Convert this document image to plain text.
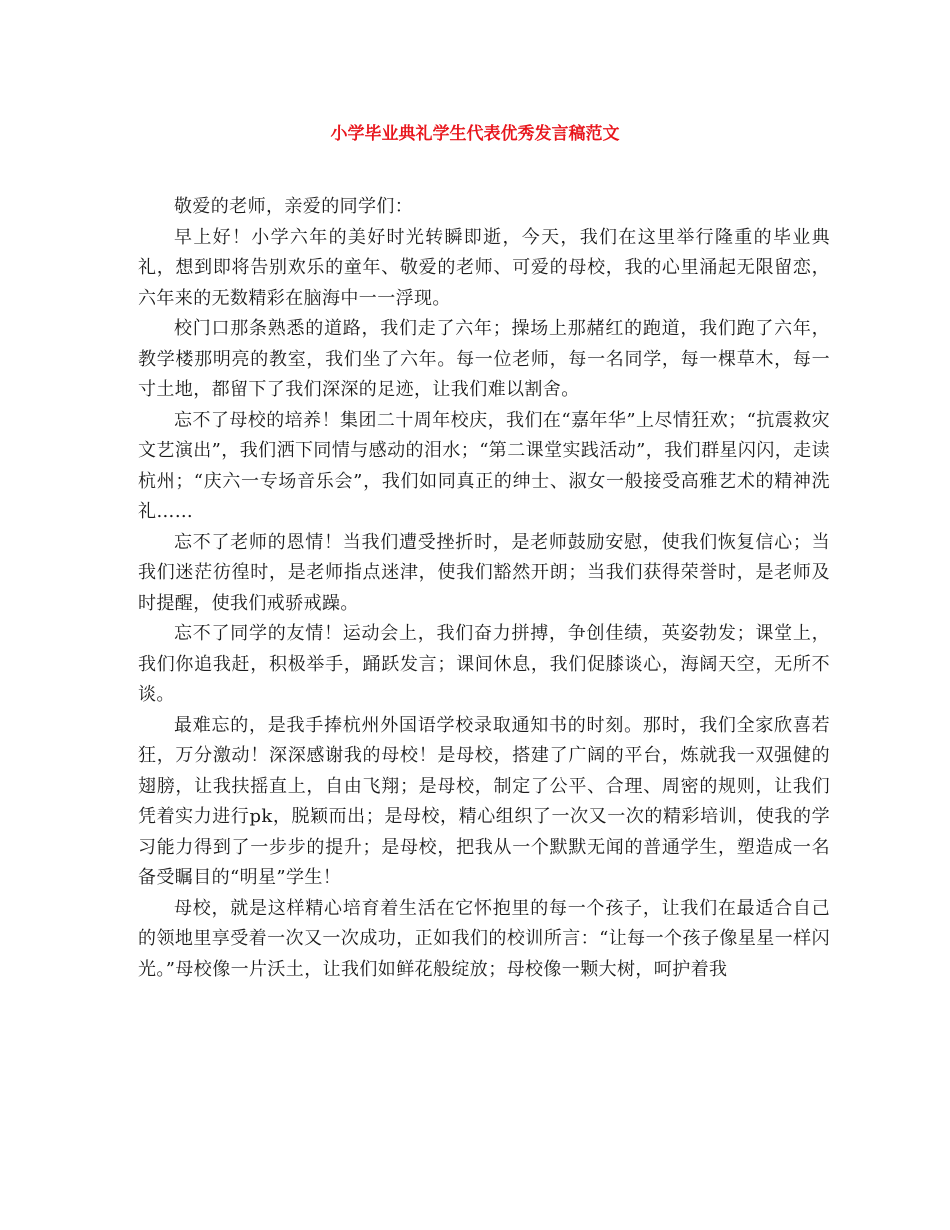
小学毕业典礼学生代表优秀发言稿范文

敬爱的老师，亲爱的同学们：

早上好！小学六年的美好时光转瞬即逝，今天，我们在这里举行隆重的毕业典礼，想到即将告别欢乐的童年、敬爱的老师、可爱的母校，我的心里涌起无限留恋，六年来的无数精彩在脑海中一一浮现。

校门口那条熟悉的道路，我们走了六年；操场上那赭红的跑道，我们跑了六年，教学楼那明亮的教室，我们坐了六年。每一位老师，每一名同学，每一棵草木，每一寸土地，都留下了我们深深的足迹，让我们难以割舍。

忘不了母校的培养！集团二十周年校庆，我们在“嘉年华”上尽情狂欢；“抗震救灾文艺演出”，我们洒下同情与感动的泪水；“第二课堂实践活动”，我们群星闪闪，走读杭州；“庆六一专场音乐会”，我们如同真正的绅士、淑女一般接受高雅艺术的精神洗礼……

忘不了老师的恩情！当我们遭受挫折时，是老师鼓励安慰，使我们恢复信心；当我们迷茫彷徨时，是老师指点迷津，使我们豁然开朗；当我们获得荣誉时，是老师及时提醒，使我们戒骄戒躁。

忘不了同学的友情！运动会上，我们奋力拼搏，争创佳绩，英姿勃发；课堂上，我们你追我赶，积极举手，踊跃发言；课间休息，我们促膝谈心，海阔天空，无所不谈。

最难忘的，是我手捧杭州外国语学校录取通知书的时刻。那时，我们全家欣喜若狂，万分激动！深深感谢我的母校！是母校，搭建了广阔的平台，炼就我一双强健的翅膀，让我扶摇直上，自由飞翔；是母校，制定了公平、合理、周密的规则，让我们凭着实力进行pk，脱颖而出；是母校，精心组织了一次又一次的精彩培训，使我的学习能力得到了一步步的提升；是母校，把我从一个默默无闻的普通学生，塑造成一名备受瞩目的“明星”学生！

母校，就是这样精心培育着生活在它怀抱里的每一个孩子，让我们在最适合自己的领地里享受着一次又一次成功，正如我们的校训所言：“让每一个孩子像星星一样闪光。”母校像一片沃土，让我们如鲜花般绽放；母校像一颗大树，呵护着我
